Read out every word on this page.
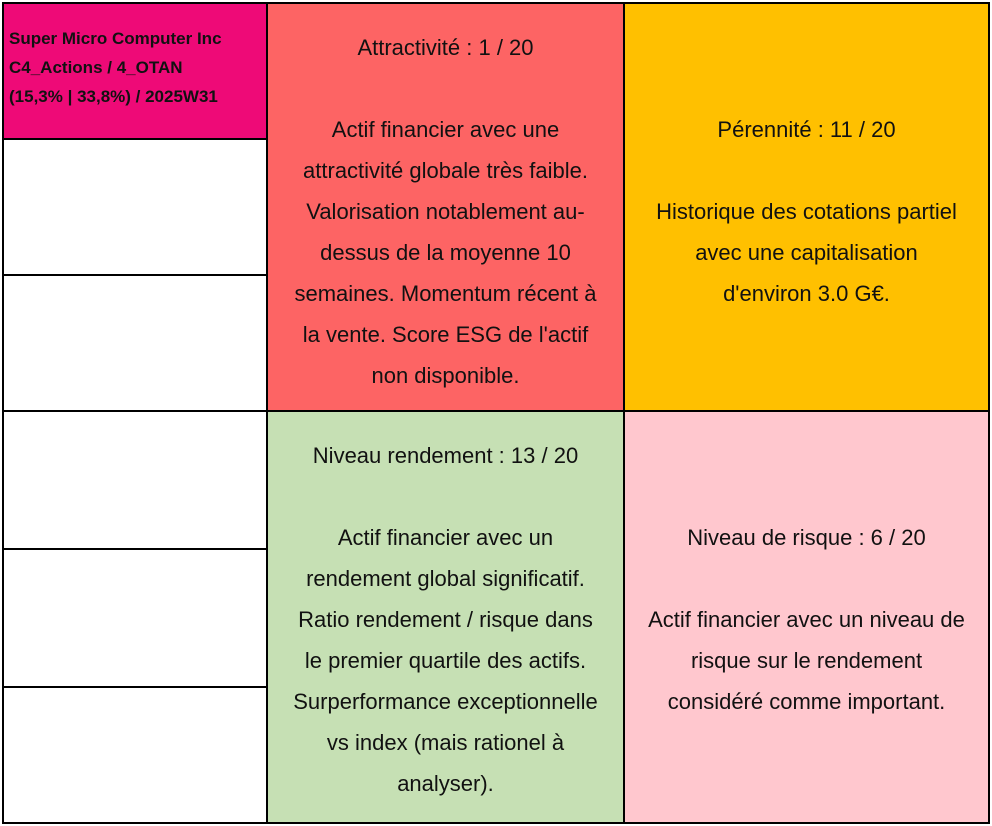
Super Micro Computer Inc
C4_Actions / 4_OTAN
(15,3% | 33,8%) / 2025W31
Attractivité : 1 / 20
Actif financier avec une
attractivité globale très faible.
Valorisation notablement au-
dessus de la moyenne 10
semaines. Momentum récent à
la vente. Score ESG de l'actif
non disponible.
Pérennité : 11 / 20
Historique des cotations partiel
avec une capitalisation
d'environ 3.0 G€.
Niveau rendement : 13 / 20
Actif financier avec un
rendement global significatif.
Ratio rendement / risque dans
le premier quartile des actifs.
Surperformance exceptionnelle
vs index (mais rationel à
analyser).
Niveau de risque : 6 / 20
Actif financier avec un niveau de
risque sur le rendement
considéré comme important.
